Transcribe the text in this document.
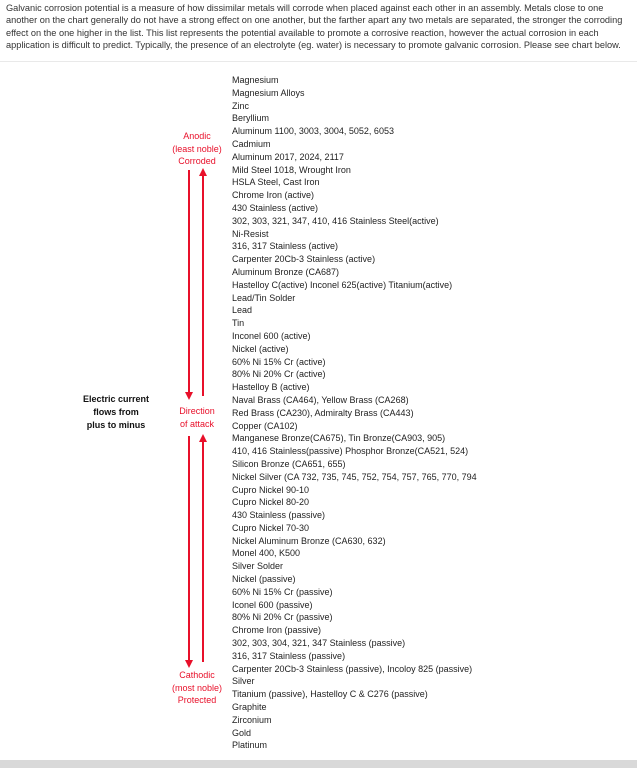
Galvanic corrosion potential is a measure of how dissimilar metals will corrode when placed against each other in an assembly. Metals close to one another on the chart generally do not have a strong effect on one another, but the farther apart any two metals are separated, the stronger the corroding effect on the one higher in the list. This list represents the potential available to promote a corrosive reaction, however the actual corrosion in each application is difficult to predict. Typically, the presence of an electrolyte (eg. water) is necessary to promote galvanic corrosion. Please see chart below.

Anodic
(least noble)
Corroded
Electric current
flows from
plus to minus
Direction
of attack
Cathodic
(most noble)
Protected
Magnesium
Magnesium Alloys
Zinc
Beryllium
Aluminum 1100, 3003, 3004, 5052, 6053
Cadmium
Aluminum 2017, 2024, 2117
Mild Steel 1018, Wrought Iron
HSLA Steel, Cast Iron
Chrome Iron (active)
430 Stainless (active)
302, 303, 321, 347, 410, 416 Stainless Steel(active)
Ni-Resist
316, 317 Stainless (active)
Carpenter 20Cb-3 Stainless (active)
Aluminum Bronze (CA687)
Hastelloy C(active) Inconel 625(active) Titanium(active)
Lead/Tin Solder
Lead
Tin
Inconel 600 (active)
Nickel (active)
60% Ni 15% Cr (active)
80% Ni 20% Cr (active)
Hastelloy B (active)
Naval Brass (CA464), Yellow Brass (CA268)
Red Brass (CA230), Admiralty Brass (CA443)
Copper (CA102)
Manganese Bronze(CA675), Tin Bronze(CA903, 905)
410, 416 Stainless(passive) Phosphor Bronze(CA521, 524)
Silicon Bronze (CA651, 655)
Nickel Silver (CA 732, 735, 745, 752, 754, 757, 765, 770, 794
Cupro Nickel 90-10
Cupro Nickel 80-20
430 Stainless (passive)
Cupro Nickel 70-30
Nickel Aluminum Bronze (CA630, 632)
Monel 400, K500
Silver Solder
Nickel (passive)
60% Ni 15% Cr (passive)
Iconel 600 (passive)
80% Ni 20% Cr (passive)
Chrome Iron (passive)
302, 303, 304, 321, 347 Stainless (passive)
316, 317 Stainless (passive)
Carpenter 20Cb-3 Stainless (passive), Incoloy 825 (passive)
Silver
Titanium (passive), Hastelloy C & C276 (passive)
Graphite
Zirconium
Gold
Platinum
